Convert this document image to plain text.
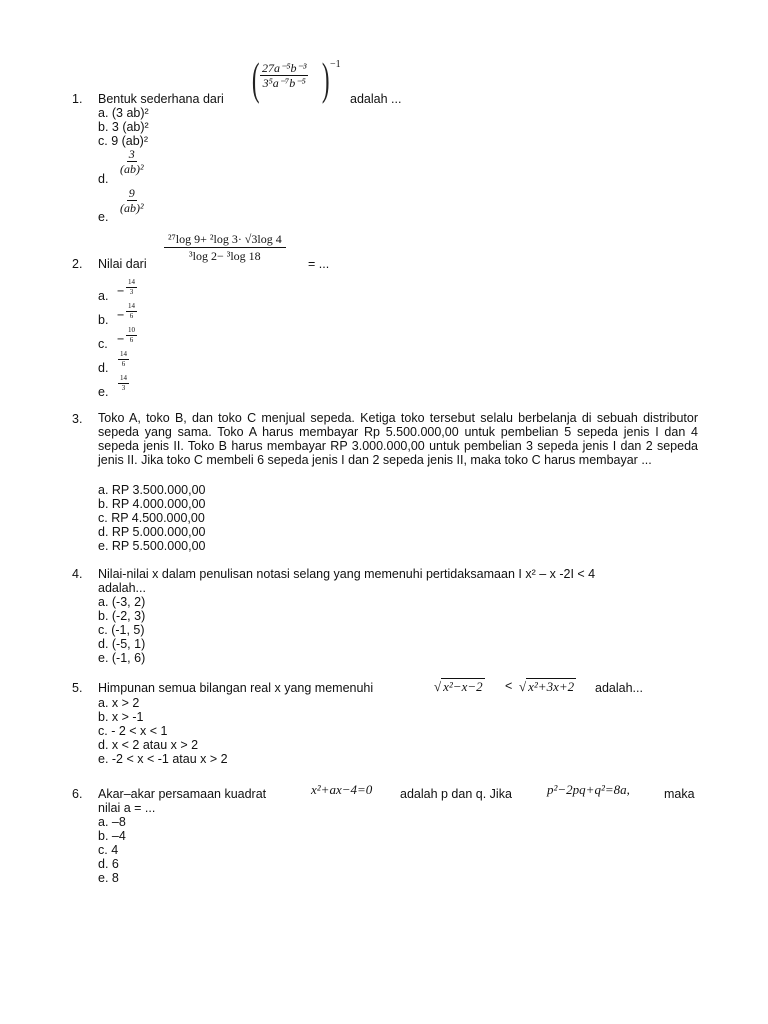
1. Bentuk sederhana dari ( $\frac{\text{27a⁻⁵b⁻³}}{\text{3⁵a⁻⁷b⁻⁵}}$ ) −1
adalah ...
a. (3 ab)²
b. 3 (ab)²
c. 9 (ab)²
d.
$\frac{3}{\text{(ab)²}}$
e.
$\frac{9}{\text{(ab)²}}$
2. Nilai dari
$\frac{\text{²⁷log 9+ ²log 3· √3log 4}}{\text{³log 2− ³log 18}}$
= ...
a. − $\frac{14}{3}$
b. − $\frac{14}{6}$
c. − $\frac{10}{6}$
d. $\frac{14}{6}$
e. $\frac{14}{3}$
3. Toko A, toko B, dan toko C menjual sepeda. Ketiga toko tersebut selalu berbelanja di sebuah distributor sepeda yang sama. Toko A harus membayar Rp 5.500.000,00 untuk pembelian 5 sepeda jenis I dan 4 sepeda jenis II. Toko B harus membayar RP 3.000.000,00 untuk pembelian 3 sepeda jenis I dan 2 sepeda jenis II. Jika toko C membeli 6 sepeda jenis I dan 2 sepeda jenis II, maka toko C harus membayar ...
a. RP 3.500.000,00
b. RP 4.000.000,00
c. RP 4.500.000,00
d. RP 5.000.000,00
e. RP 5.500.000,00
4. Nilai-nilai x dalam penulisan notasi selang yang memenuhi pertidaksamaan I x² – x -2I < 4
adalah...
a. (-3, 2)
b. (-2, 3)
c. (-1, 5)
d. (-5, 1)
e. (-1, 6)
5. Himpunan semua bilangan real x yang memenuhi	√ x²−x−2 < √ x²+3x+2 adalah...
a. x > 2
b. x > -1
c. - 2 < x < 1
d. x < 2 atau x > 2
e. -2 < x < -1 atau x > 2
6. Akar–akar persamaan kuadrat	x²+ax−4=0 adalah p dan q. Jika	p²−2pq+q²=8a,	maka
nilai a = ...
a. –8
b. –4
c. 4
d. 6
e. 8
